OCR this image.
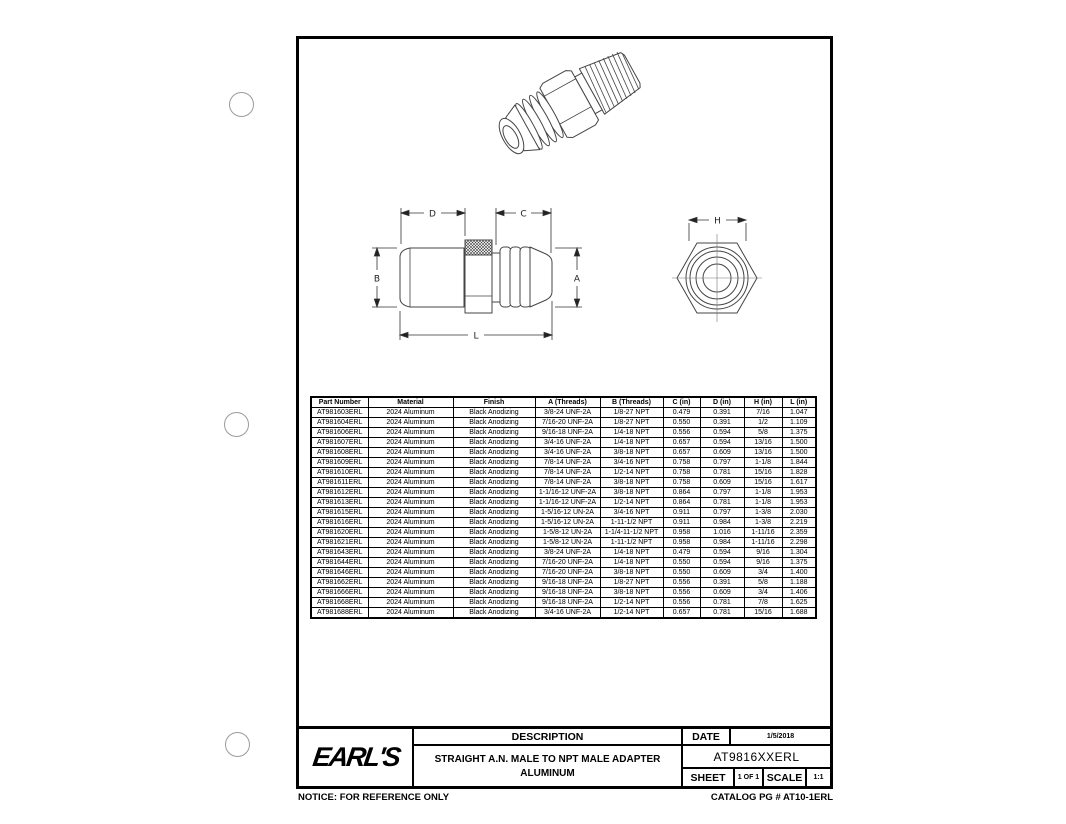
D	C
B	A
L
H
Part Number	Material	Finish	A (Threads)	B (Threads)	C (in)	D (in)	H (in)	L (in)
AT981603ERL	2024 Aluminum	Black Anodizing	3/8-24 UNF-2A	1/8-27 NPT	0.479	0.391	7/16	1.047
AT981604ERL	2024 Aluminum	Black Anodizing	7/16-20 UNF-2A	1/8-27 NPT	0.550	0.391	1/2	1.109
AT981606ERL	2024 Aluminum	Black Anodizing	9/16-18 UNF-2A	1/4-18 NPT	0.556	0.594	5/8	1.375
AT981607ERL	2024 Aluminum	Black Anodizing	3/4-16 UNF-2A	1/4-18 NPT	0.657	0.594	13/16	1.500
AT981608ERL	2024 Aluminum	Black Anodizing	3/4-16 UNF-2A	3/8-18 NPT	0.657	0.609	13/16	1.500
AT981609ERL	2024 Aluminum	Black Anodizing	7/8-14 UNF-2A	3/4-16 NPT	0.758	0.797	1-1/8	1.844
AT981610ERL	2024 Aluminum	Black Anodizing	7/8-14 UNF-2A	1/2-14 NPT	0.758	0.781	15/16	1.828
AT981611ERL	2024 Aluminum	Black Anodizing	7/8-14 UNF-2A	3/8-18 NPT	0.758	0.609	15/16	1.617
AT981612ERL	2024 Aluminum	Black Anodizing	1-1/16-12 UNF-2A	3/8-18 NPT	0.864	0.797	1-1/8	1.953
AT981613ERL	2024 Aluminum	Black Anodizing	1-1/16-12 UNF-2A	1/2-14 NPT	0.864	0.781	1-1/8	1.953
AT981615ERL	2024 Aluminum	Black Anodizing	1-5/16-12 UN-2A	3/4-16 NPT	0.911	0.797	1-3/8	2.030
AT981616ERL	2024 Aluminum	Black Anodizing	1-5/16-12 UN-2A	1-11-1/2 NPT	0.911	0.984	1-3/8	2.219
AT981620ERL	2024 Aluminum	Black Anodizing	1-5/8-12 UN-2A	1-1/4-11-1/2 NPT	0.958	1.016	1-11/16	2.359
AT981621ERL	2024 Aluminum	Black Anodizing	1-5/8-12 UN-2A	1-11-1/2 NPT	0.958	0.984	1-11/16	2.298
AT981643ERL	2024 Aluminum	Black Anodizing	3/8-24 UNF-2A	1/4-18 NPT	0.479	0.594	9/16	1.304
AT981644ERL	2024 Aluminum	Black Anodizing	7/16-20 UNF-2A	1/4-18 NPT	0.550	0.594	9/16	1.375
AT981646ERL	2024 Aluminum	Black Anodizing	7/16-20 UNF-2A	3/8-18 NPT	0.550	0.609	3/4	1.400
AT981662ERL	2024 Aluminum	Black Anodizing	9/16-18 UNF-2A	1/8-27 NPT	0.556	0.391	5/8	1.188
AT981666ERL	2024 Aluminum	Black Anodizing	9/16-18 UNF-2A	3/8-18 NPT	0.556	0.609	3/4	1.406
AT981668ERL	2024 Aluminum	Black Anodizing	9/16-18 UNF-2A	1/2-14 NPT	0.556	0.781	7/8	1.625
AT981688ERL	2024 Aluminum	Black Anodizing	3/4-16 UNF-2A	1/2-14 NPT	0.657	0.781	15/16	1.688
EARL'S
DESCRIPTION
STRAIGHT A.N. MALE TO NPT MALE ADAPTER
ALUMINUM
DATE	1/5/2018
AT9816XXERL
SHEET	1 OF 1 SCALE	1:1
NOTICE: FOR REFERENCE ONLY	CATALOG PG # AT10-1ERL
